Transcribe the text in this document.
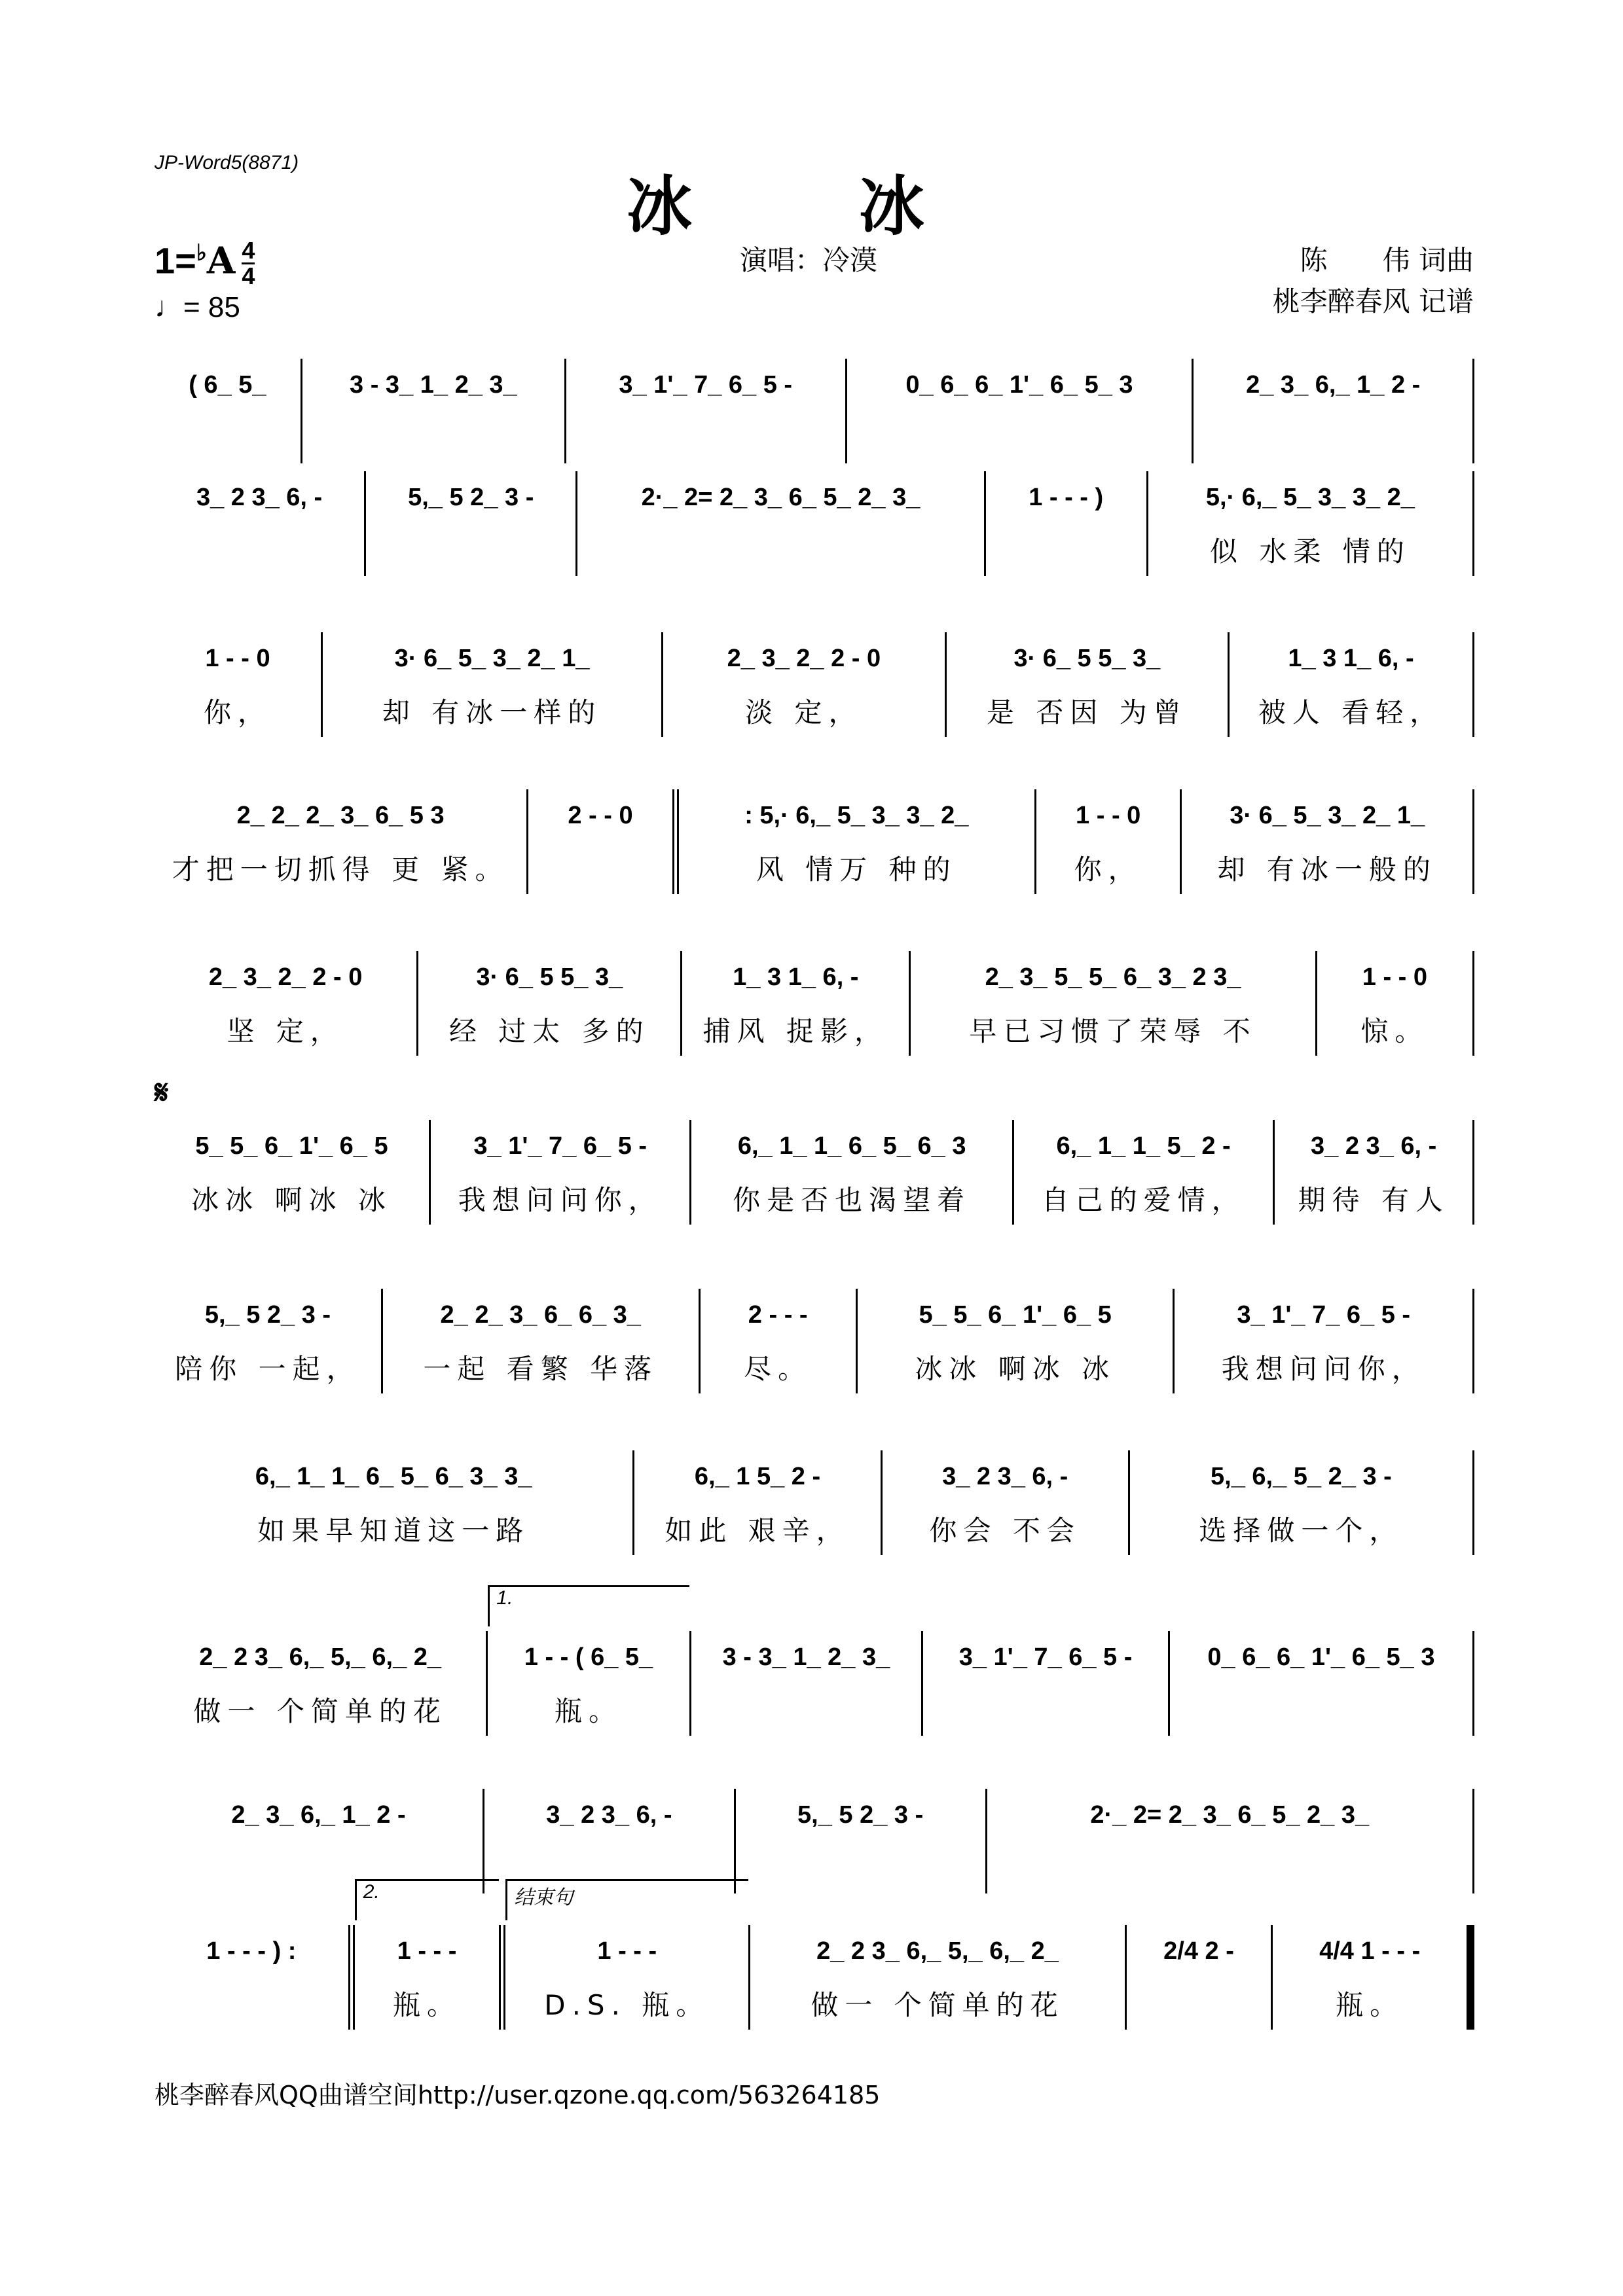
JP-Word5(8871)
冰 冰
$1=^♭A \frac{4}{4}$
♩= 85
演唱：冷漠	陈　　伟 词曲
桃李醉春风 记谱
𝄋
( 6_ 5_	3 - 3_ 1_ 2_ 3_	3_ 1'_ 7_ 6_ 5 -	0_ 6_ 6_ 1'_ 6_ 5_ 3	2_ 3_ 6,_ 1_ 2 -
3_ 2 3_ 6, -	5,_ 5 2_ 3 -	2·_ 2= 2_ 3_ 6_ 5_ 2_ 3_	1 - - - )	5,· 6,_ 5_ 3_ 3_ 2_
似 水柔 情的
1 - - 0
你，
3· 6_ 5_ 3_ 2_ 1_
却 有冰一样的
2_ 3_ 2_ 2 - 0
淡 定，
3· 6_ 5 5_ 3_
是 否因 为曾
1_ 3 1_ 6, -
被人 看轻，
2_ 2_ 2_ 3_ 6_ 5 3
才把一切抓得 更 紧。
2 - - 0	: 5,· 6,_ 5_ 3_ 3_ 2_
风 情万 种的
1 - - 0
你，
3· 6_ 5_ 3_ 2_ 1_
却 有冰一般的
2_ 3_ 2_ 2 - 0
坚 定，
3· 6_ 5 5_ 3_
经 过太 多的
1_ 3 1_ 6, -
捕风 捉影，
2_ 3_ 5_ 5_ 6_ 3_ 2 3_
早已习惯了荣辱 不
1 - - 0
惊。
5_ 5_ 6_ 1'_ 6_ 5
冰冰 啊冰 冰
3_ 1'_ 7_ 6_ 5 -
我想问问你，
6,_ 1_ 1_ 6_ 5_ 6_ 3
你是否也渴望着
6,_ 1_ 1_ 5_ 2 -
自己的爱情，
3_ 2 3_ 6, -
期待 有人
5,_ 5 2_ 3 -
陪你 一起，
2_ 2_ 3_ 6_ 6_ 3_
一起 看繁 华落
2 - - -
尽。
5_ 5_ 6_ 1'_ 6_ 5
冰冰 啊冰 冰
3_ 1'_ 7_ 6_ 5 -
我想问问你，
6,_ 1_ 1_ 6_ 5_ 6_ 3_ 3_
如果早知道这一路
6,_ 1 5_ 2 -
如此 艰辛，
3_ 2 3_ 6, -
你会 不会
5,_ 6,_ 5_ 2_ 3 -
选择做一个，
2_ 2 3_ 6,_ 5,_ 6,_ 2_
做一 个简单的花
1.
1 - - ( 6_ 5_
瓶。
3 - 3_ 1_ 2_ 3_	3_ 1'_ 7_ 6_ 5 -	0_ 6_ 6_ 1'_ 6_ 5_ 3
2_ 3_ 6,_ 1_ 2 -	3_ 2 3_ 6, -	5,_ 5 2_ 3 -	2·_ 2= 2_ 3_ 6_ 5_ 2_ 3_
1 - - - ) :
2.
1 - - -
瓶。
结束句
1 - - -
D.S. 瓶。
2_ 2 3_ 6,_ 5,_ 6,_ 2_
做一 个简单的花
2/4 2 -	4/4 1 - - -
瓶。
桃李醉春风QQ曲谱空间http://user.qzone.qq.com/563264185
